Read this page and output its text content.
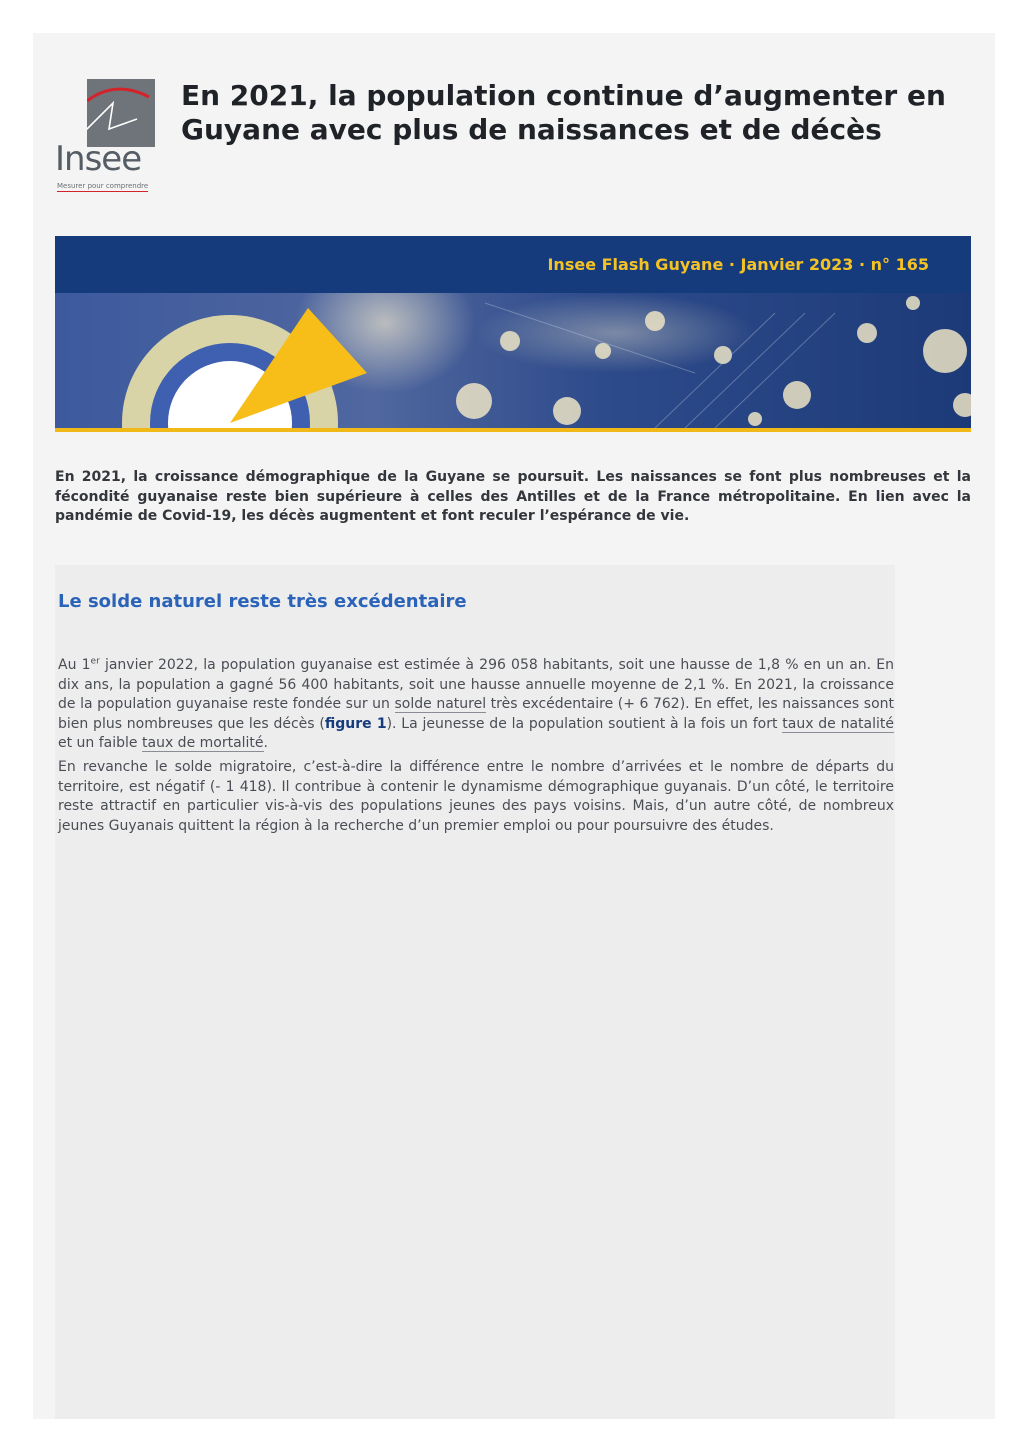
Insee
Mesurer pour comprendre
En 2021, la population continue d’augmenter en Guyane avec plus de naissances et de décès
Insee Flash Guyane · Janvier 2023 · n° 165

En 2021, la croissance démographique de la Guyane se poursuit. Les naissances se font plus nombreuses et la fécondité guyanaise reste bien supérieure à celles des Antilles et de la France métropolitaine. En lien avec la pandémie de Covid-19, les décès augmentent et font reculer l’espérance de vie.

Le solde naturel reste très excédentaire

Au 1er janvier 2022, la population guyanaise est estimée à 296 058 habitants, soit une hausse de 1,8 % en un an. En dix ans, la population a gagné 56 400 habitants, soit une hausse annuelle moyenne de 2,1 %. En 2021, la croissance de la population guyanaise reste fondée sur un solde naturel très excédentaire (+ 6 762). En effet, les naissances sont bien plus nombreuses que les décès (figure 1). La jeunesse de la population soutient à la fois un fort taux de natalité et un faible taux de mortalité.

En revanche le solde migratoire, c’est-à-dire la différence entre le nombre d’arrivées et le nombre de départs du territoire, est négatif (- 1 418). Il contribue à contenir le dynamisme démographique guyanais. D’un côté, le territoire reste attractif en particulier vis-à-vis des populations jeunes des pays voisins. Mais, d’un autre côté, de nombreux jeunes Guyanais quittent la région à la recherche d’un premier emploi ou pour poursuivre des études.
